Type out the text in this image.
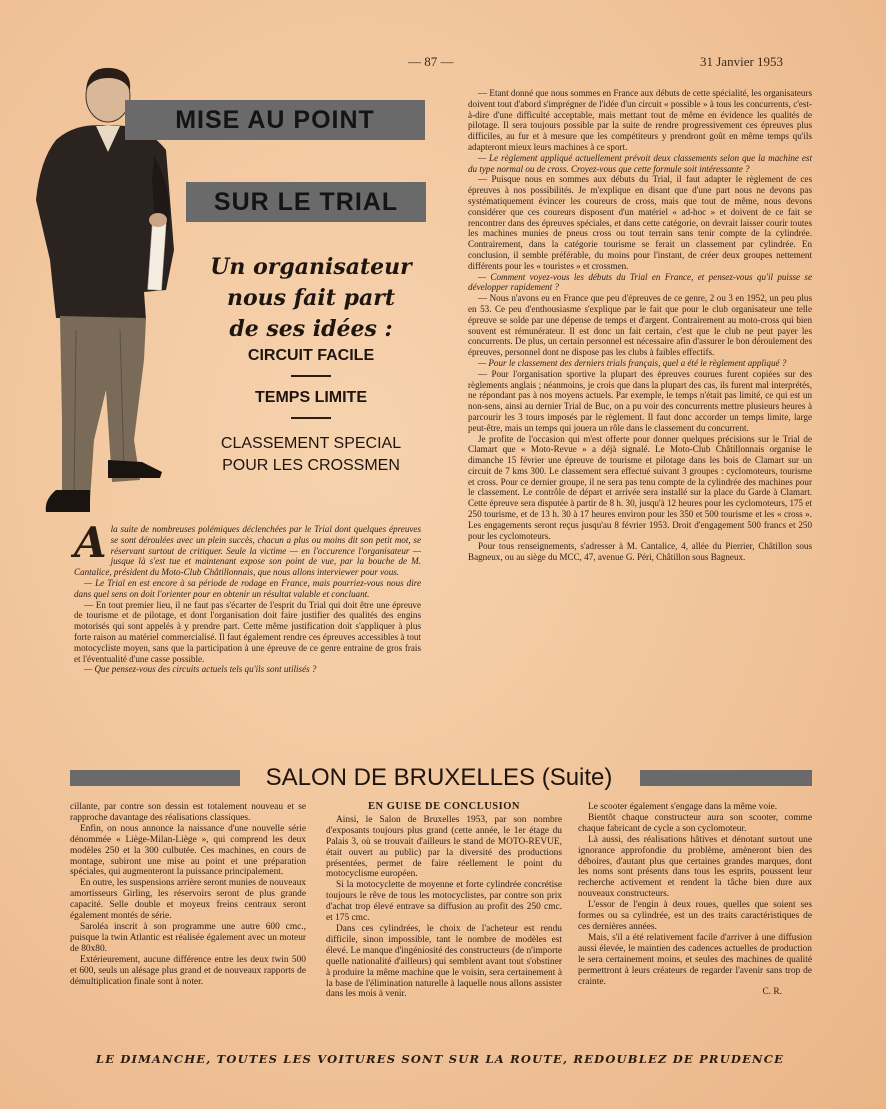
— 87 —	31 Janvier 1953
MISE AU POINT
SUR LE TRIAL
Un organisateur
nous fait part
de ses idées :
CIRCUIT FACILE
TEMPS LIMITE
CLASSEMENT SPECIAL
POUR LES CROSSMEN

Ala suite de nombreuses polémiques déclenchées par le Trial dont quelques épreuves se sont déroulées avec un plein succès, chacun a plus ou moins dit son petit mot, se réservant surtout de critiquer. Seule la victime — en l'occurence l'organisateur — jusque là s'est tue et maintenant expose son point de vue, par la bouche de M. Cantalice, président du Moto-Club Châtillonnais, que nous allons interviewer pour vous.

— Le Trial en est encore à sa période de rodage en France, mais pourriez-vous nous dire dans quel sens on doit l'orienter pour en obtenir un résultat valable et concluant.

— En tout premier lieu, il ne faut pas s'écarter de l'esprit du Trial qui doit être une épreuve de tourisme et de pilotage, et dont l'organisation doit faire justifier des qualités des engins motorisés qui sont appelés à y prendre part. Cette même justification doit s'appliquer à plus forte raison au matériel commercialisé. Il faut également rendre ces épreuves accessibles à tout motocycliste moyen, sans que la participation à une épreuve de ce genre entraine de gros frais et l'éventualité d'une casse possible.

— Que pensez-vous des circuits actuels tels qu'ils sont utilisés ?

— Etant donné que nous sommes en France aux débuts de cette spécialité, les organisateurs doivent tout d'abord s'imprégner de l'idée d'un circuit « possible » à tous les concurrents, c'est-à-dire d'une difficulté acceptable, mais mettant tout de même en évidence les qualités de pilotage. Il sera toujours possible par la suite de rendre progressivement ces épreuves plus difficiles, au fur et à mesure que les compétiteurs y prendront goût en même temps qu'ils adapteront mieux leurs machines à ce sport.

— Le règlement appliqué actuellement prévoit deux classements selon que la machine est du type normal ou de cross. Croyez-vous que cette formule soit intéressante ?

— Puisque nous en sommes aux débuts du Trial, il faut adapter le règlement de ces épreuves à nos possibilités. Je m'explique en disant que d'une part nous ne devons pas systématiquement évincer les coureurs de cross, mais que tout de même, nous devons considérer que ces coureurs disposent d'un matériel « ad-hoc » et doivent de ce fait se rencontrer dans des épreuves spéciales, et dans cette catégorie, on devrait laisser courir toutes les machines munies de pneus cross ou tout terrain sans tenir compte de la cylindrée. Contrairement, dans la catégorie tourisme se ferait un classement par cylindrée. En conclusion, il semble préférable, du moins pour l'instant, de créer deux groupes nettement différents pour les « touristes » et crossmen.

— Comment voyez-vous les débuts du Trial en France, et pensez-vous qu'il puisse se développer rapidement ?

— Nous n'avons eu en France que peu d'épreuves de ce genre, 2 ou 3 en 1952, un peu plus en 53. Ce peu d'enthousiasme s'explique par le fait que pour le club organisateur une telle épreuve se solde par une dépense de temps et d'argent. Contrairement au moto-cross qui bien souvent est rémunérateur. Il est donc un fait certain, c'est que le club ne peut payer les concurrents. De plus, un certain personnel est nécessaire afin d'assurer le bon déroulement des épreuves, personnel dont ne dispose pas les clubs à faibles effectifs.

— Pour le classement des derniers trials français, quel a été le règlement appliqué ?

— Pour l'organisation sportive la plupart des épreuves courues furent copiées sur des règlements anglais ; néanmoins, je crois que dans la plupart des cas, ils furent mal interprétés, ne répondant pas à nos moyens actuels. Par exemple, le temps n'était pas limité, ce qui est un non-sens, ainsi au dernier Trial de Buc, on a pu voir des concurrents mettre plusieurs heures à parcourir les 3 tours imposés par le règlement. Il faut donc accorder un temps limite, large peut-être, mais un temps qui jouera un rôle dans le classement du concurrent.

Je profite de l'occasion qui m'est offerte pour donner quelques précisions sur le Trial de Clamart que « Moto-Revue » a déjà signalé. Le Moto-Club Châtillonnais organise le dimanche 15 février une épreuve de tourisme et pilotage dans les bois de Clamart sur un circuit de 7 kms 300. Le classement sera effectué suivant 3 groupes : cyclomoteurs, tourisme et cross. Pour ce dernier groupe, il ne sera pas tenu compte de la cylindrée des machines pour le classement. Le contrôle de départ et arrivée sera installé sur la place du Garde à Clamart. Cette épreuve sera disputée à partir de 8 h. 30, jusqu'à 12 heures pour les cyclomoteurs, 175 et 250 tourisme, et de 13 h. 30 à 17 heures environ pour les 350 et 500 tourisme et les « cross ». Les engagements seront reçus jusqu'au 8 février 1953. Droit d'engagement 500 francs et 250 pour les cyclomoteurs.

Pour tous renseignements, s'adresser à M. Cantalice, 4, allée du Pierrier, Châtillon sous Bagneux, ou au siège du MCC, 47, avenue G. Péri, Châtillon sous Bagneux.

SALON DE BRUXELLES (Suite)

cillante, par contre son dessin est totalement nouveau et se rapproche davantage des réalisations classiques.

Enfin, on nous annonce la naissance d'une nouvelle série dénommée « Liège-Milan-Liège », qui comprend les deux modèles 250 et la 300 culbutée. Ces machines, en cours de montage, subiront une mise au point et une préparation spéciales, qui augmenteront la puissance principalement.

En outre, les suspensions arrière seront munies de nouveaux amortisseurs Girling, les réservoirs seront de plus grande capacité. Selle double et moyeux freins centraux seront également montés de série.

Saroléa inscrit à son programme une autre 600 cmc., puisque la twin Atlantic est réalisée également avec un moteur de 80x80.

Extérieurement, aucune différence entre les deux twin 500 et 600, seuls un alésage plus grand et de nouveaux rapports de démultiplication finale sont à noter.

EN GUISE DE CONCLUSION

Ainsi, le Salon de Bruxelles 1953, par son nombre d'exposants toujours plus grand (cette année, le 1er étage du Palais 3, où se trouvait d'ailleurs le stand de MOTO-REVUE, était ouvert au public) par la diversité des productions présentées, permet de faire réellement le point du motocyclisme européen.

Si la motocyclette de moyenne et forte cylindrée concrétise toujours le rêve de tous les motocyclistes, par contre son prix d'achat trop élevé entrave sa diffusion au profit des 250 cmc. et 175 cmc.

Dans ces cylindrées, le choix de l'acheteur est rendu difficile, sinon impossible, tant le nombre de modèles est élevé. Le manque d'ingéniosité des constructeurs (de n'importe quelle nationalité d'ailleurs) qui semblent avant tout s'obstiner à produire la même machine que le voisin, sera certainement à la base de l'élimination naturelle à laquelle nous allons assister dans les mois à venir.

Le scooter également s'engage dans la même voie.

Bientôt chaque constructeur aura son scooter, comme chaque fabricant de cycle a son cyclomoteur.

Là aussi, des réalisations hâtives et dénotant surtout une ignorance approfondie du problème, amèneront bien des déboires, d'autant plus que certaines grandes marques, dont les noms sont présents dans tous les esprits, poussent leur recherche activement et rendent la tâche bien dure aux nouveaux constructeurs.

L'essor de l'engin à deux roues, quelles que soient ses formes ou sa cylindrée, est un des traits caractéristiques de ces dernières années.

Mais, s'il a été relativement facile d'arriver à une diffusion aussi élevée, le maintien des cadences actuelles de production le sera certainement moins, et seules des machines de qualité permettront à leurs créateurs de regarder l'avenir sans trop de crainte.

C. R.
LE DIMANCHE, TOUTES LES VOITURES SONT SUR LA ROUTE, REDOUBLEZ DE PRUDENCE
